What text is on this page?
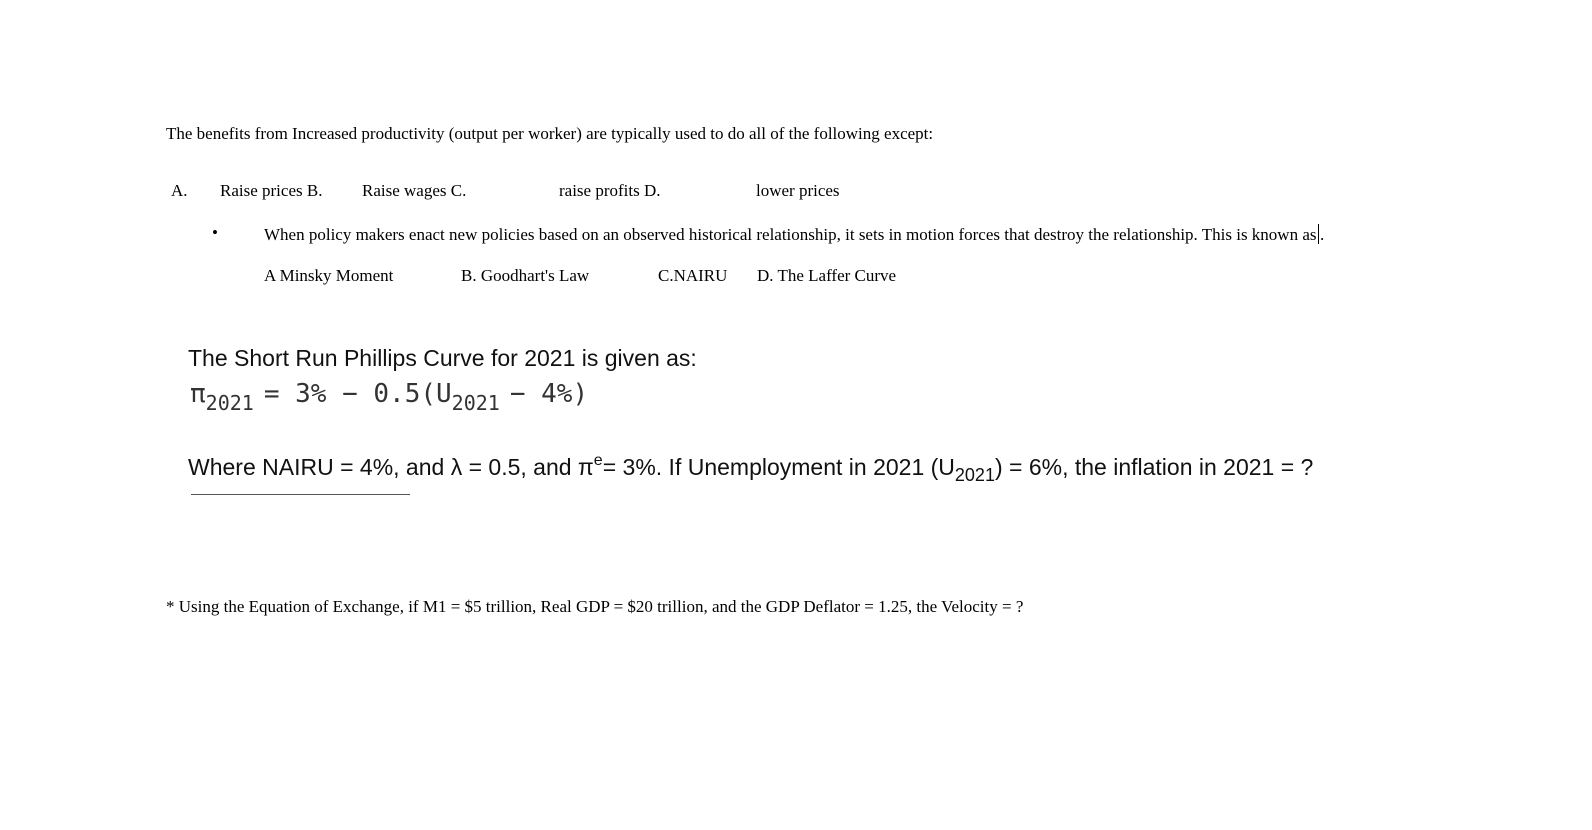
The benefits from Increased productivity (output per worker) are typically used to do all of the following except:
A. Raise prices B. Raise wages C.	raise profits D.	lower prices
•	When policy makers enact new policies based on an observed historical relationship, it sets in motion forces that destroy the relationship. This is known as .
A Minsky Moment	B. Goodhart's Law	C.NAIRU D. The Laffer Curve
The Short Run Phillips Curve for 2021 is given as:
$\pi_{2021} = 3\% - 0.5(U_{2021} - 4\%)$
Where NAIRU = 4%, and λ = 0.5, and $\pi^e= 3\%$. If Unemployment in 2021 $(U_{2021}) = 6\%$, the inflation in 2021 = ?
* Using the Equation of Exchange, if M1 = $5 trillion, Real GDP = $20 trillion, and the GDP Deflator = 1.25, the Velocity = ?
